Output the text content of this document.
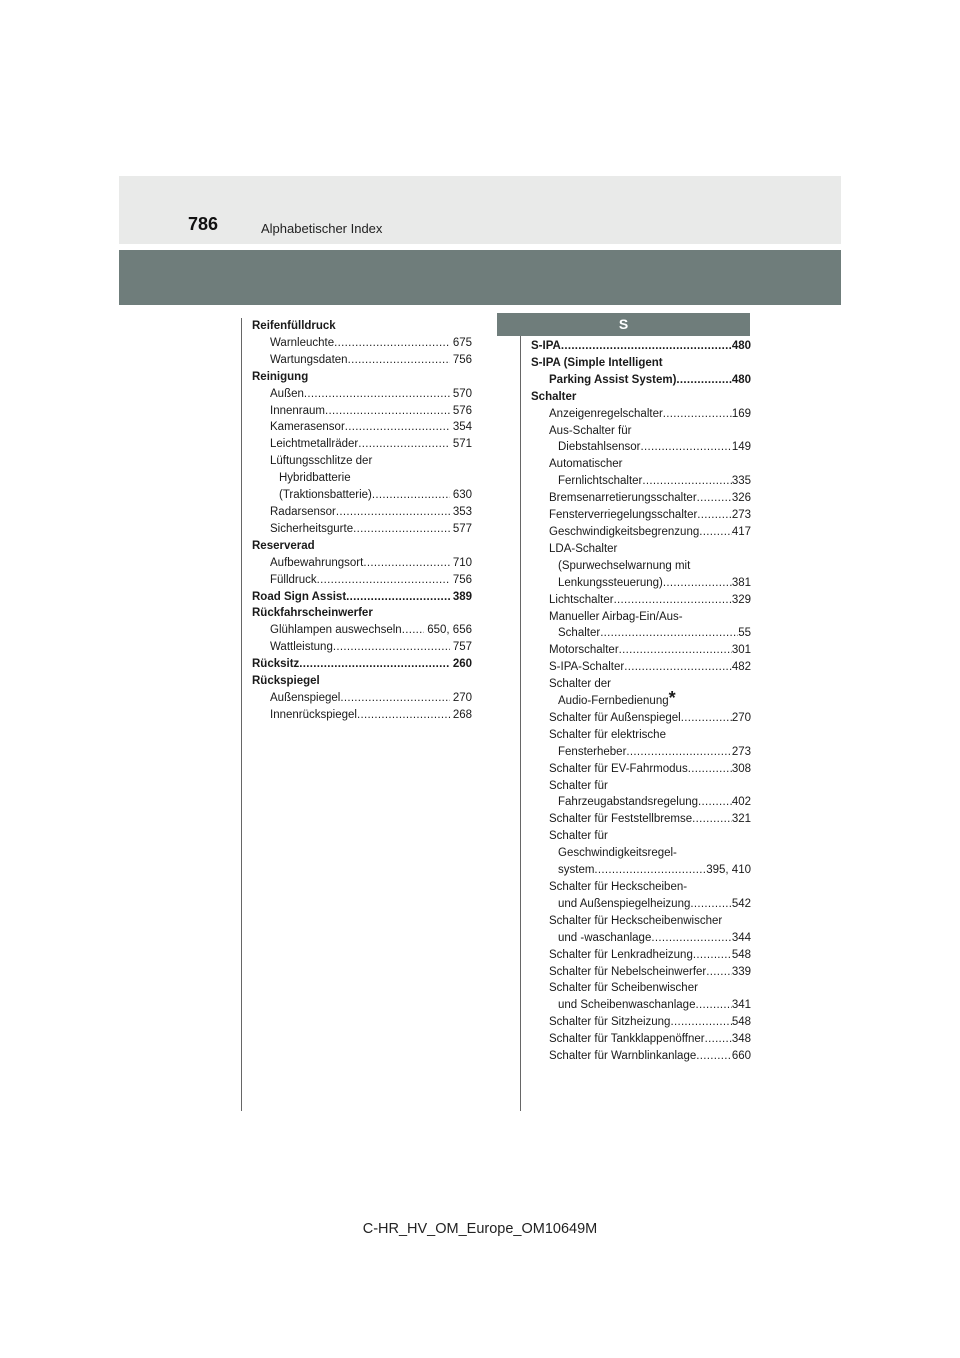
786	Alphabetischer Index
Reifenfülldruck
Warnleuchte .....	675
Wartungsdaten .....	756
Reinigung
Außen .....	570
Innenraum .....	576
Kamerasensor .....	354
Leichtmetallräder .....	571
Lüftungsschlitze der
Hybridbatterie
(Traktionsbatterie) .....	630
Radarsensor .....	353
Sicherheitsgurte .....	577
Reserverad
Aufbewahrungsort .....	710
Fülldruck .....	756
Road Sign Assist .....	389
Rückfahrscheinwerfer
Glühlampen auswechseln ..... 650, 656
Wattleistung .....	757
Rücksitz .....	260
Rückspiegel
Außenspiegel .....	270
Innenrückspiegel .....	268
S
S-IPA .....	480
S-IPA (Simple Intelligent
Parking Assist System) .....	480
Schalter
Anzeigenregelschalter .....	169
Aus-Schalter für
Diebstahlsensor .....	149
Automatischer
Fernlichtschalter .....	335
Bremsenarretierungsschalter .....	326
Fensterverriegelungsschalter .....	273
Geschwindigkeitsbegrenzung .....	417
LDA-Schalter
(Spurwechselwarnung mit
Lenkungssteuerung) .....	381
Lichtschalter .....	329
Manueller Airbag-Ein/Aus-
Schalter .....	55
Motorschalter .....	301
S-IPA-Schalter .....	482
Schalter der
Audio-Fernbedienung *
Schalter für Außenspiegel .....	270
Schalter für elektrische
Fensterheber .....	273
Schalter für EV-Fahrmodus .....	308
Schalter für
Fahrzeugabstandsregelung .....	402
Schalter für Feststellbremse .....	321
Schalter für
Geschwindigkeitsregel-
system .....	395, 410
Schalter für Heckscheiben-
und Außenspiegelheizung .....	542
Schalter für Heckscheibenwischer
und -waschanlage .....	344
Schalter für Lenkradheizung .....	548
Schalter für Nebelscheinwerfer ..... 339
Schalter für Scheibenwischer
und Scheibenwaschanlage .....	341
Schalter für Sitzheizung .....	548
Schalter für Tankklappenöffner ..... 348
Schalter für Warnblinkanlage .....	660
C-HR_HV_OM_Europe_OM10649M
